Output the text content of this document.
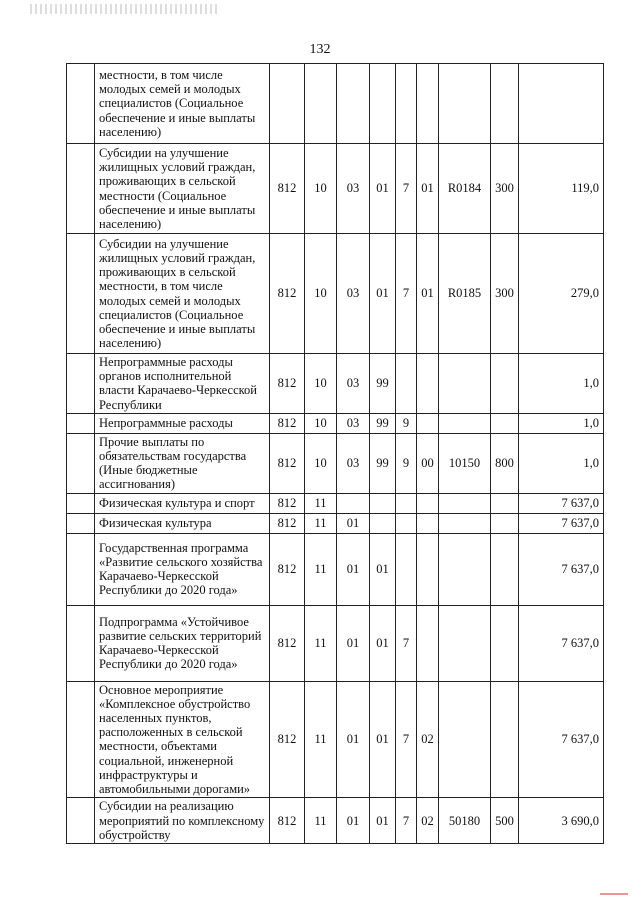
132
	местности, в том числе молодых семей и молодых специалистов (Социальное обеспечение и иные выплаты населению)									
	Субсидии на улучшение жилищных условий граждан, проживающих в сельской местности (Социальное обеспечение и иные выплаты населению)	812	10	03	01	7	01	R0184	300	119,0
	Субсидии на улучшение жилищных условий граждан, проживающих в сельской местности, в том числе молодых семей и молодых специалистов (Социальное обеспечение и иные выплаты населению)	812	10	03	01	7	01	R0185	300	279,0
	Непрограммные расходы органов исполнительной власти Карачаево-Черкесской Республики	812	10	03	99					1,0
	Непрограммные расходы	812	10	03	99	9				1,0
	Прочие выплаты по обязательствам государства (Иные бюджетные ассигнования)	812	10	03	99	9	00	10150	800	1,0
	Физическая культура и спорт	812	11							7 637,0
	Физическая культура	812	11	01						7 637,0
	Государственная программа «Развитие сельского хозяйства Карачаево-Черкесской Республики до 2020 года»	812	11	01	01					7 637,0
	Подпрограмма «Устойчивое развитие сельских территорий Карачаево-Черкесской Республики до 2020 года»	812	11	01	01	7				7 637,0
	Основное мероприятие «Комплексное обустройство населенных пунктов, расположенных в сельской местности, объектами социальной, инженерной инфраструктуры и автомобильными дорогами»	812	11	01	01	7	02			7 637,0
	Субсидии на реализацию мероприятий по комплексному обустройству	812	11	01	01	7	02	50180	500	3 690,0
